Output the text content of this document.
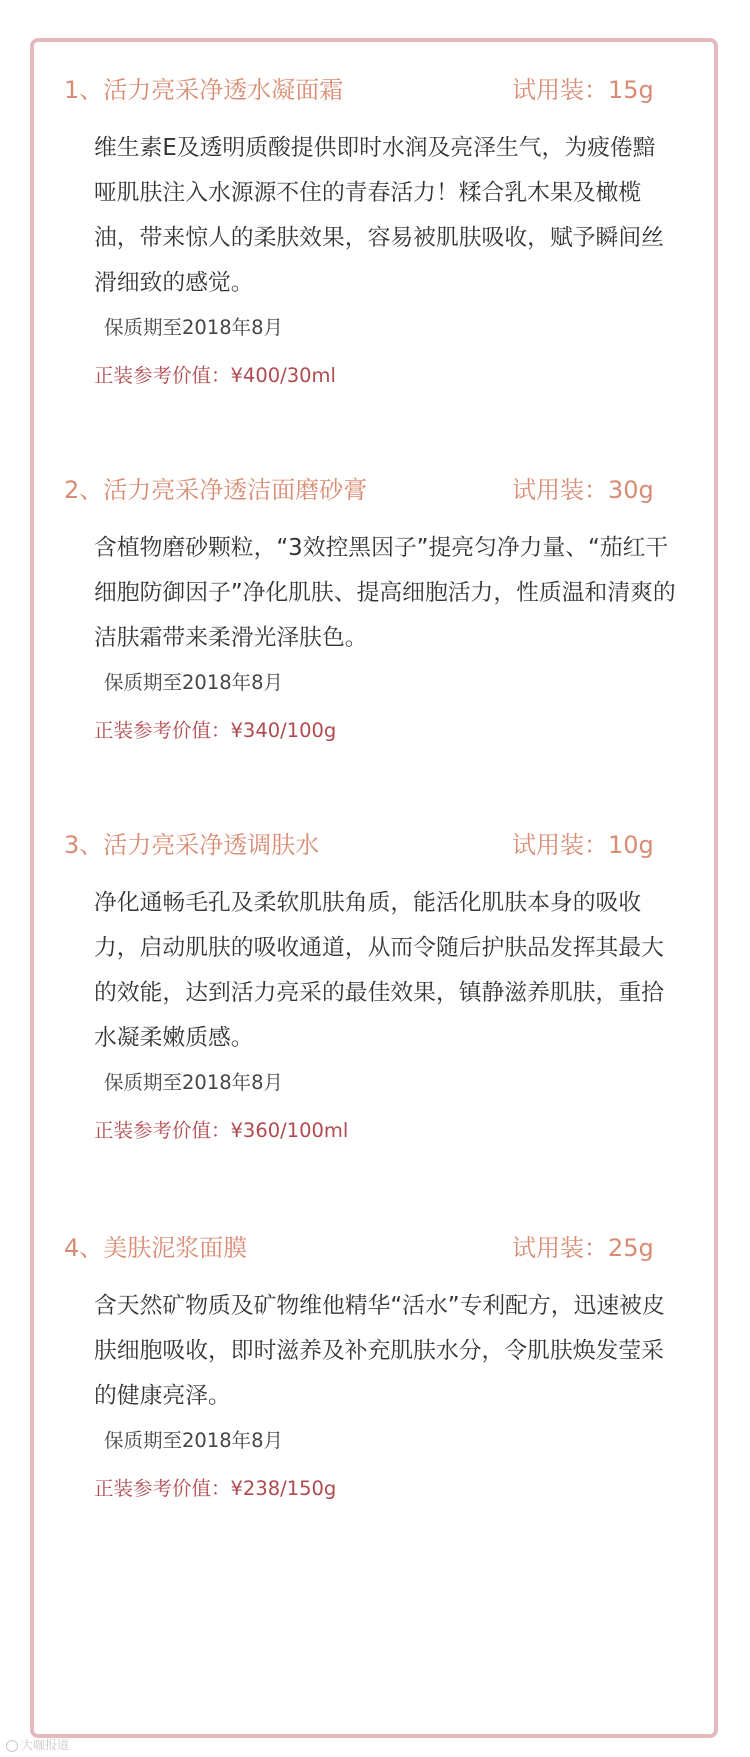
1、活力亮采净透水凝面霜	试用装：15g
维生素E及透明质酸提供即时水润及亮泽生气，为疲倦黯哑肌肤注入水源源不住的青春活力！糅合乳木果及橄榄油，带来惊人的柔肤效果，容易被肌肤吸收，赋予瞬间丝滑细致的感觉。
保质期至2018年8月
正装参考价值：¥400/30ml
2、活力亮采净透洁面磨砂膏	试用装：30g
含植物磨砂颗粒，“3效控黑因子”提亮匀净力量、“茄红干细胞防御因子”净化肌肤、提高细胞活力，性质温和清爽的洁肤霜带来柔滑光泽肤色。
保质期至2018年8月
正装参考价值：¥340/100g
3、活力亮采净透调肤水	试用装：10g
净化通畅毛孔及柔软肌肤角质，能活化肌肤本身的吸收力，启动肌肤的吸收通道，从而令随后护肤品发挥其最大的效能，达到活力亮采的最佳效果，镇静滋养肌肤，重拾水凝柔嫩质感。
保质期至2018年8月
正装参考价值：¥360/100ml
4、美肤泥浆面膜	试用装：25g
含天然矿物质及矿物维他精华“活水”专利配方，迅速被皮肤细胞吸收，即时滋养及补充肌肤水分，令肌肤焕发莹采的健康亮泽。
保质期至2018年8月
正装参考价值：¥238/150g
大咖报道
